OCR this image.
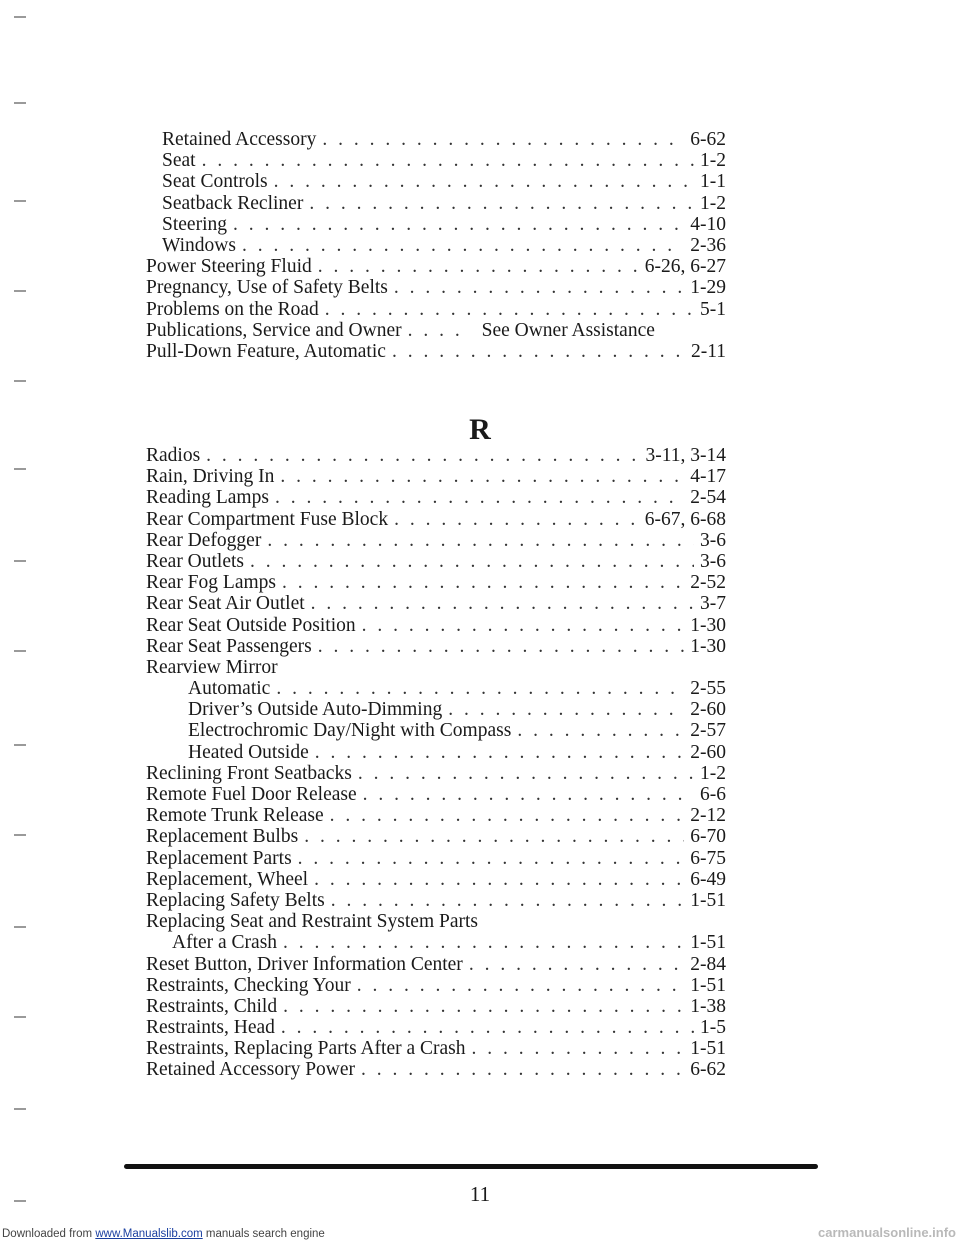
Retained Accessory . . .	6-62
Seat . . .	1-2
Seat Controls . . .	1-1
Seatback Recliner . . .	1-2
Steering . . .	4-10
Windows . . .	2-36
Power Steering Fluid . . .	6-26, 6-27
Pregnancy, Use of Safety Belts . . .	1-29
Problems on the Road . . .	5-1
Publications, Service and Owner . . .	See Owner Assistance
Pull-Down Feature, Automatic . . .	2-11
R
Radios . . .	3-11, 3-14
Rain, Driving In . . .	4-17
Reading Lamps . . .	2-54
Rear Compartment Fuse Block . . .	6-67, 6-68
Rear Defogger . . .	3-6
Rear Outlets . . .	3-6
Rear Fog Lamps . . .	2-52
Rear Seat Air Outlet . . .	3-7
Rear Seat Outside Position . . .	1-30
Rear Seat Passengers . . .	1-30
Rearview Mirror
Automatic . . .	2-55
Driver’s Outside Auto-Dimming . . .	2-60
Electrochromic Day/Night with Compass . . .	2-57
Heated Outside . . .	2-60
Reclining Front Seatbacks . . .	1-2
Remote Fuel Door Release . . .	6-6
Remote Trunk Release . . .	2-12
Replacement Bulbs . . .	6-70
Replacement Parts . . .	6-75
Replacement, Wheel . . .	6-49
Replacing Safety Belts . . .	1-51
Replacing Seat and Restraint System Parts
After a Crash . . .	1-51
Reset Button, Driver Information Center . . .	2-84
Restraints, Checking Your . . .	1-51
Restraints, Child . . .	1-38
Restraints, Head . . .	1-5
Restraints, Replacing Parts After a Crash . . .	1-51
Retained Accessory Power . . .	6-62
11
Downloaded from www.Manualslib.com manuals search engine	carmanualsonline.info
